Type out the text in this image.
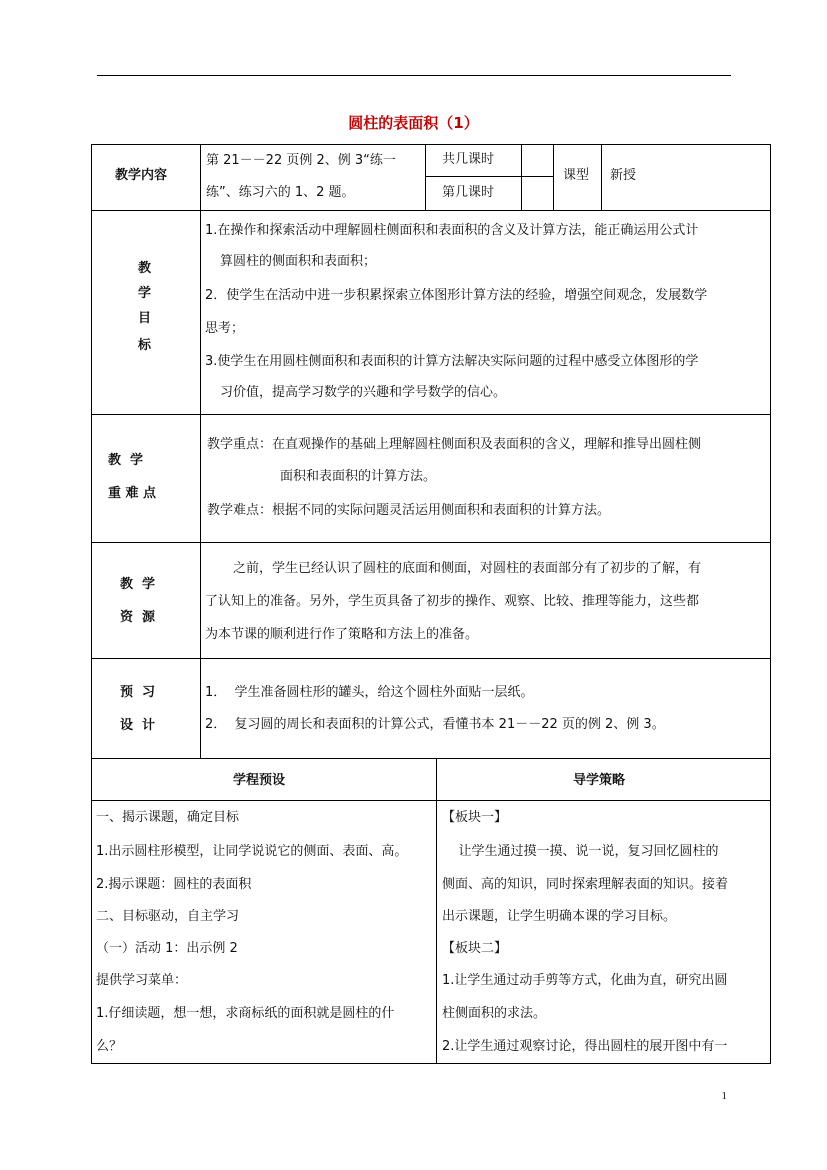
圆柱的表面积（1）
教学内容
第 21－－22 页例 2、例 3“练一
练”、练习六的 1、2 题。
共几课时
第几课时
课型 新授
教
学
目
标
1.在操作和探索活动中理解圆柱侧面积和表面积的含义及计算方法，能正确运用公式计
算圆柱的侧面积和表面积；
2．使学生在活动中进一步积累探索立体图形计算方法的经验，增强空间观念，发展数学
思考；
3.使学生在用圆柱侧面积和表面积的计算方法解决实际问题的过程中感受立体图形的学
习价值，提高学习数学的兴趣和学号数学的信心。
教  学
重 难 点
教学重点：在直观操作的基础上理解圆柱侧面积及表面积的含义，理解和推导出圆柱侧
面积和表面积的计算方法。
教学难点：根据不同的实际问题灵活运用侧面积和表面积的计算方法。
教  学
资  源
之前，学生已经认识了圆柱的底面和侧面，对圆柱的表面部分有了初步的了解，有
了认知上的准备。另外，学生页具备了初步的操作、观察、比较、推理等能力，这些都
为本节课的顺利进行作了策略和方法上的准备。
预  习
设  计
1．  学生准备圆柱形的罐头，给这个圆柱外面贴一层纸。
2．  复习圆的周长和表面积的计算公式，看懂书本 21－－22 页的例 2、例 3。
学程预设	导学策略
一、揭示课题，确定目标
1.出示圆柱形模型，让同学说说它的侧面、表面、高。
2.揭示课题：圆柱的表面积
二、目标驱动，自主学习
（一）活动 1：出示例 2
提供学习菜单：
1.仔细读题，想一想，求商标纸的面积就是圆柱的什
么？
【板块一】
让学生通过摸一摸、说一说，复习回忆圆柱的
侧面、高的知识，同时探索理解表面的知识。接着
出示课题，让学生明确本课的学习目标。
【板块二】
1.让学生通过动手剪等方式，化曲为直，研究出圆
柱侧面积的求法。
2.让学生通过观察讨论，得出圆柱的展开图中有一
1
